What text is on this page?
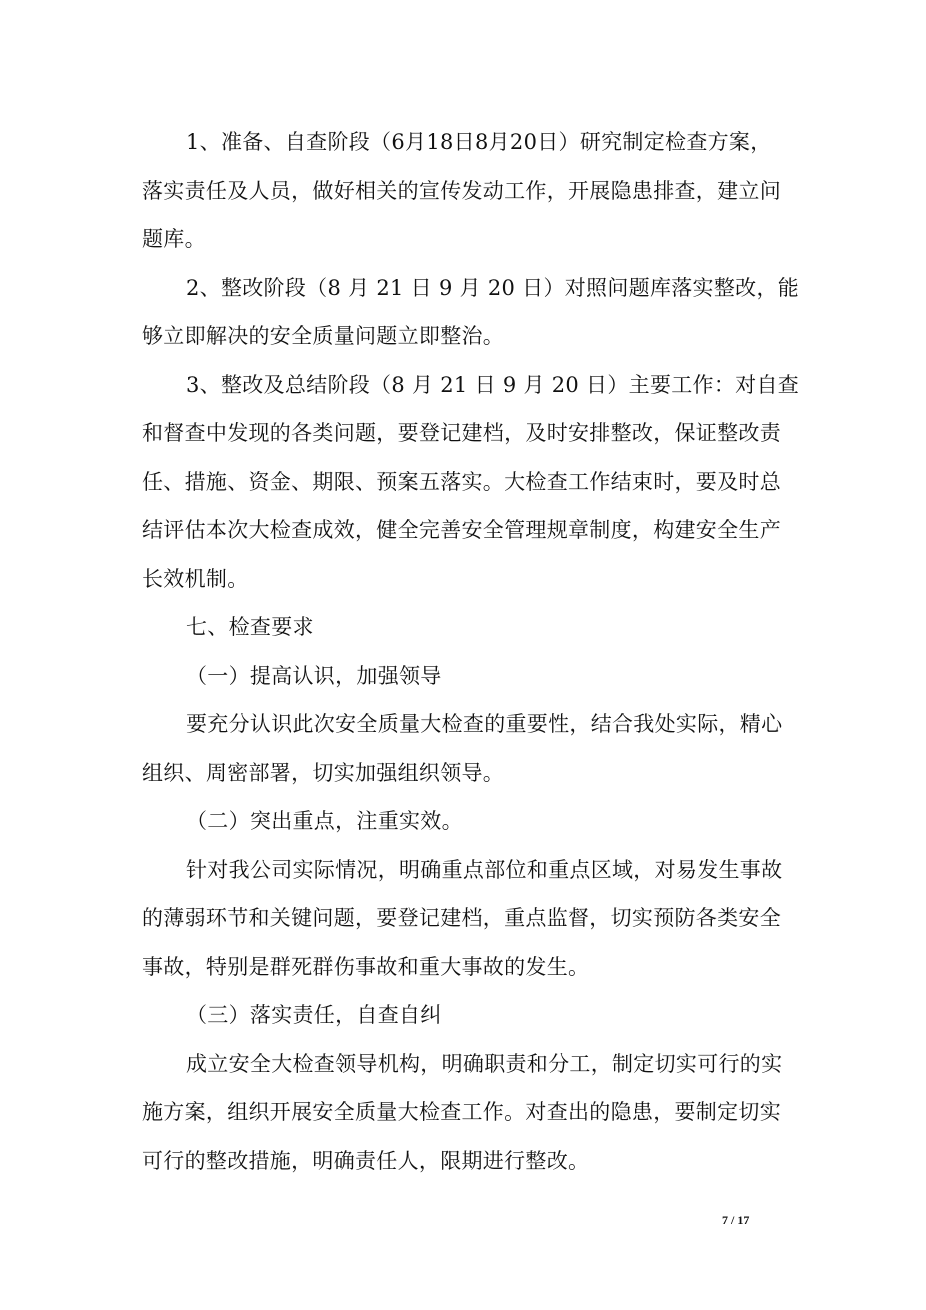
1、准备、自查阶段（6月18日8月20日）研究制定检查方案，
落实责任及人员，做好相关的宣传发动工作，开展隐患排查，建立问
题库。
2、整改阶段（8 月 21 日 9 月 20 日）对照问题库落实整改，能
够立即解决的安全质量问题立即整治。
3、整改及总结阶段（8 月 21 日 9 月 20 日）主要工作：对自查
和督查中发现的各类问题，要登记建档，及时安排整改，保证整改责
任、措施、资金、期限、预案五落实。大检查工作结束时，要及时总
结评估本次大检查成效，健全完善安全管理规章制度，构建安全生产
长效机制。
七、检查要求
（一）提高认识，加强领导
要充分认识此次安全质量大检查的重要性，结合我处实际，精心
组织、周密部署，切实加强组织领导。
（二）突出重点，注重实效。
针对我公司实际情况，明确重点部位和重点区域，对易发生事故
的薄弱环节和关键问题，要登记建档，重点监督，切实预防各类安全
事故，特别是群死群伤事故和重大事故的发生。
（三）落实责任，自查自纠
成立安全大检查领导机构，明确职责和分工，制定切实可行的实
施方案，组织开展安全质量大检查工作。对查出的隐患，要制定切实
可行的整改措施，明确责任人，限期进行整改。
7 / 17
